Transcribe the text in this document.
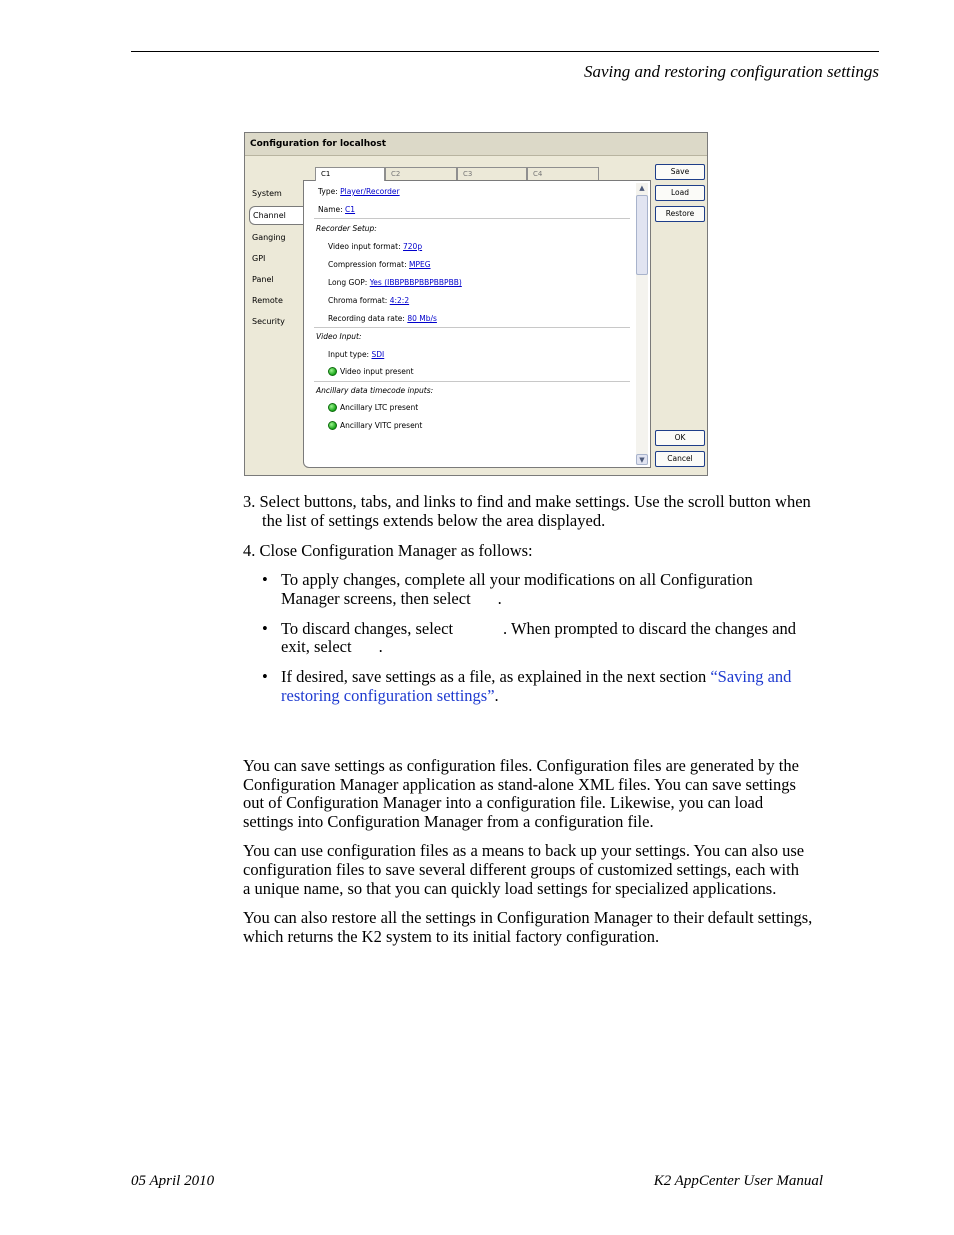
Saving and restoring configuration settings
Configuration for localhost
System
Channel
Ganging
GPI
Panel
Remote
Security
C1	C2	C3	C4
Type: Player/Recorder
Name: C1
Recorder Setup:
Video input format: 720p
Compression format: MPEG
Long GOP: Yes (IBBPBBPBBPBBPBB)
Chroma format: 4:2:2
Recording data rate: 80 Mb/s
Video Input:
Input type: SDI
Video input present
Ancillary data timecode inputs:
Ancillary LTC present
Ancillary VITC present
▲
▼
Save
Load
Restore
OK
Cancel
3. Select buttons, tabs, and links to find and make settings. Use the scroll button when
the list of settings extends below the area displayed.
4. Close Configuration Manager as follows:
• To apply changes, complete all your modifications on all Configuration
Manager screens, then select .
• To discard changes, select	. When prompted to discard the changes and
exit, select .
• If desired, save settings as a file, as explained in the next section “Saving and
restoring configuration settings”.
You can save settings as configuration files. Configuration files are generated by the
Configuration Manager application as stand-alone XML files. You can save settings
out of Configuration Manager into a configuration file. Likewise, you can load
settings into Configuration Manager from a configuration file.
You can use configuration files as a means to back up your settings. You can also use
configuration files to save several different groups of customized settings, each with
a unique name, so that you can quickly load settings for specialized applications.
You can also restore all the settings in Configuration Manager to their default settings,
which returns the K2 system to its initial factory configuration.
05 April 2010	K2 AppCenter User Manual
